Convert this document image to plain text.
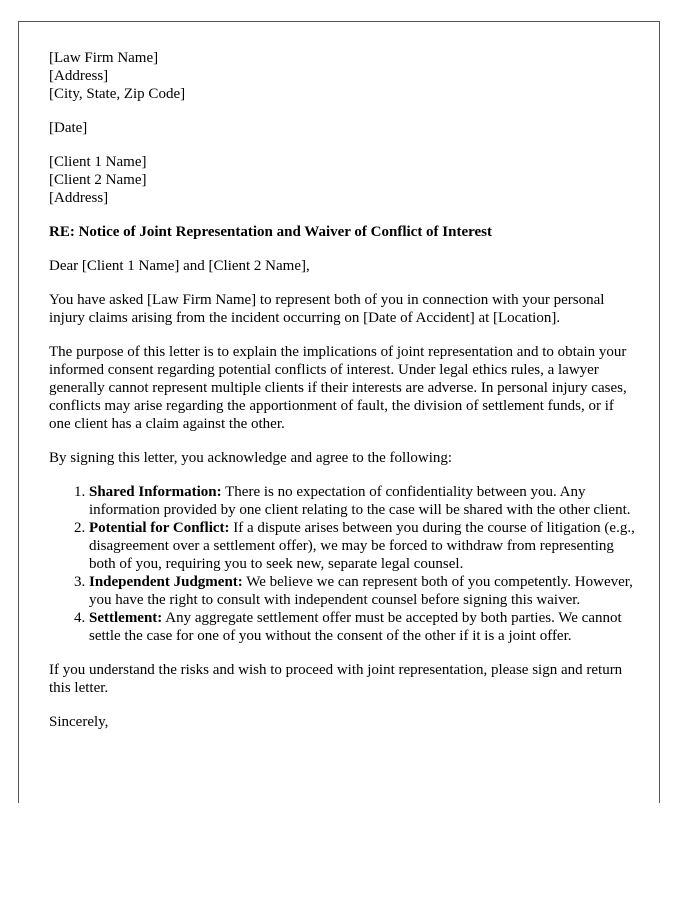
[Law Firm Name]
[Address]
[City, State, Zip Code]
[Date]
[Client 1 Name]
[Client 2 Name]
[Address]

RE: Notice of Joint Representation and Waiver of Conflict of Interest

Dear [Client 1 Name] and [Client 2 Name],

You have asked [Law Firm Name] to represent both of you in connection with your personal injury claims arising from the incident occurring on [Date of Accident] at [Location].

The purpose of this letter is to explain the implications of joint representation and to obtain your informed consent regarding potential conflicts of interest. Under legal ethics rules, a lawyer generally cannot represent multiple clients if their interests are adverse. In personal injury cases, conflicts may arise regarding the apportionment of fault, the division of settlement funds, or if one client has a claim against the other.

By signing this letter, you acknowledge and agree to the following:

1. Shared Information: There is no expectation of confidentiality between you. Any information provided by one client relating to the case will be shared with the other client.
2. Potential for Conflict: If a dispute arises between you during the course of litigation (e.g., disagreement over a settlement offer), we may be forced to withdraw from representing both of you, requiring you to seek new, separate legal counsel.
3. Independent Judgment: We believe we can represent both of you competently. However, you have the right to consult with independent counsel before signing this waiver.
4. Settlement: Any aggregate settlement offer must be accepted by both parties. We cannot settle the case for one of you without the consent of the other if it is a joint offer.

If you understand the risks and wish to proceed with joint representation, please sign and return this letter.

Sincerely,
